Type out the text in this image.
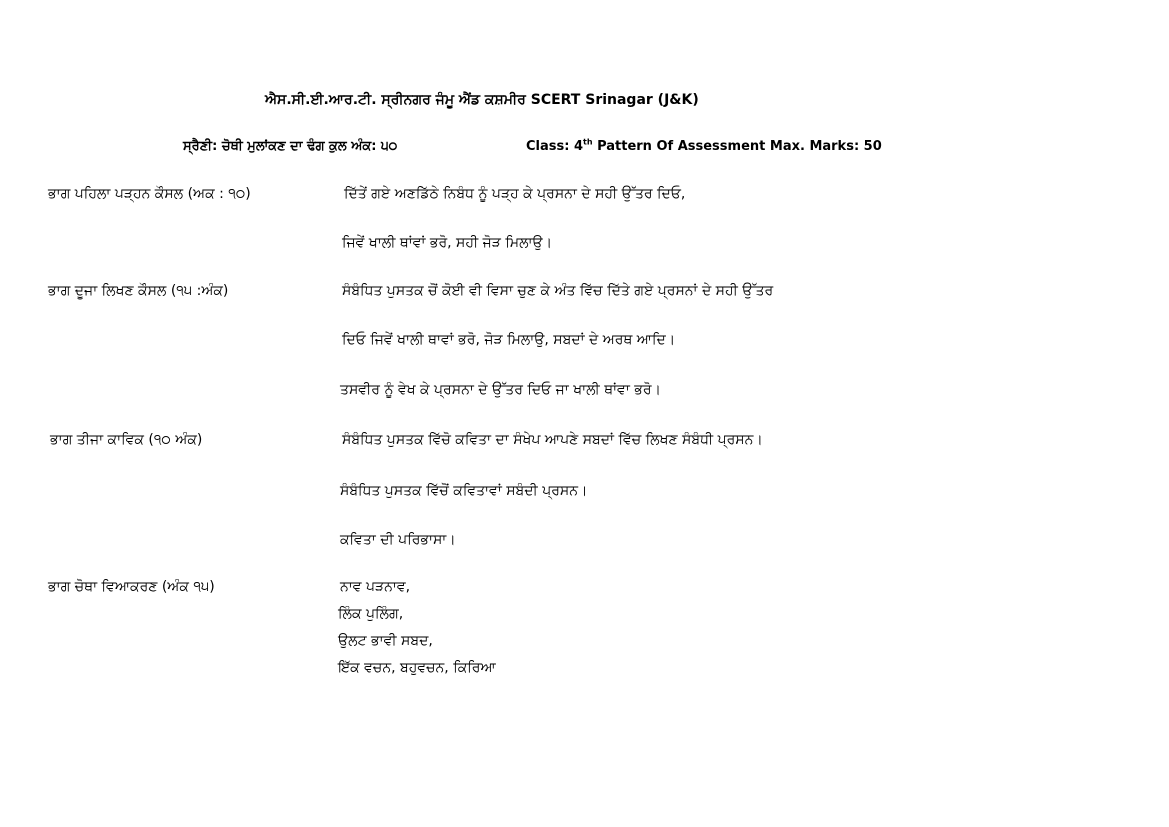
ਐਸ.ਸੀ.ਈ.ਆਰ.ਟੀ. ਸ੍ਰੀਨਗਰ ਜੰਮੂ ਐਂਡ ਕਸ਼ਮੀਰ SCERT Srinagar (J&K)
ਸ੍ਰੈਣੀ: ਚੋਥੀ ਮੁਲਾਂਕਣ ਦਾ ਢੰਗ ਕੁਲ ਅੰਕ: ੫੦	Class: 4th Pattern Of Assessment Max. Marks: 50
ਭਾਗ ਪਹਿਲਾ ਪੜ੍ਹਨ ਕੌਸਲ (ਅਕ : ੧੦)	ਦਿੱਤੇਂ ਗਏ ਅਣਡਿੱਠੇ ਨਿਬੰਧ ਨੂੰ ਪੜ੍ਹ ਕੇ ਪ੍ਰਸਨਾ ਦੇ ਸਹੀ ਉੱਤਰ ਦਿਓ,
ਜਿਵੇਂ ਖਾਲੀ ਥਾਂਵਾਂ ਭਰੋ, ਸਹੀ ਜੋੜ ਮਿਲਾਉ।
ਭਾਗ ਦੂਜਾ ਲਿਖਣ ਕੌਸਲ (੧੫ :ਅੰਕ)	ਸੰਬੰਧਿਤ ਪੁਸਤਕ ਚੋਂ ਕੋਈ ਵੀ ਵਿਸਾ ਚੁਣ ਕੇ ਅੰਤ ਵਿੱਚ ਦਿੱਤੇ ਗਏ ਪ੍ਰਸਨਾਂ ਦੇ ਸਹੀ ਉੱਤਰ
ਦਿਓ ਜਿਵੇਂ ਖਾਲੀ ਥਾਵਾਂ ਭਰੋ, ਜੋੜ ਮਿਲਾਉ, ਸਬਦਾਂ ਦੇ ਅਰਥ ਆਦਿ।
ਤਸਵੀਰ ਨੂੰ ਵੇਖ ਕੇ ਪ੍ਰਸਨਾ ਦੇ ਉੱਤਰ ਦਿਓ ਜਾ ਖਾਲੀ ਥਾਂਵਾ ਭਰੋ।
ਭਾਗ ਤੀਜਾ ਕਾਵਿਕ (੧੦ ਅੰਕ)	ਸੰਬੰਧਿਤ ਪੁਸਤਕ ਵਿੱਚੋ ਕਵਿਤਾ ਦਾ ਸੰਖੇਪ ਆਪਣੇ ਸਬਦਾਂ ਵਿੱਚ ਲਿਖਣ ਸੰਬੰਧੀ ਪ੍ਰਸਨ।
ਸੰਬੰਧਿਤ ਪੁਸਤਕ ਵਿੱਚੋਂ ਕਵਿਤਾਵਾਂ ਸਬੰਦੀ ਪ੍ਰਸਨ।
ਕਵਿਤਾ ਦੀ ਪਰਿਭਾਸਾ।
ਭਾਗ ਚੋਥਾ ਵਿਆਕਰਣ (ਅੰਕ ੧੫)	ਨਾਵ ਪੜਨਾਵ,
ਲਿੰਕ ਪੁਲਿੰਗ,
ਉਲਟ ਭਾਵੀ ਸਬਦ,
ਇੱਕ ਵਚਨ, ਬਹੁਵਚਨ, ਕਿਰਿਆ
